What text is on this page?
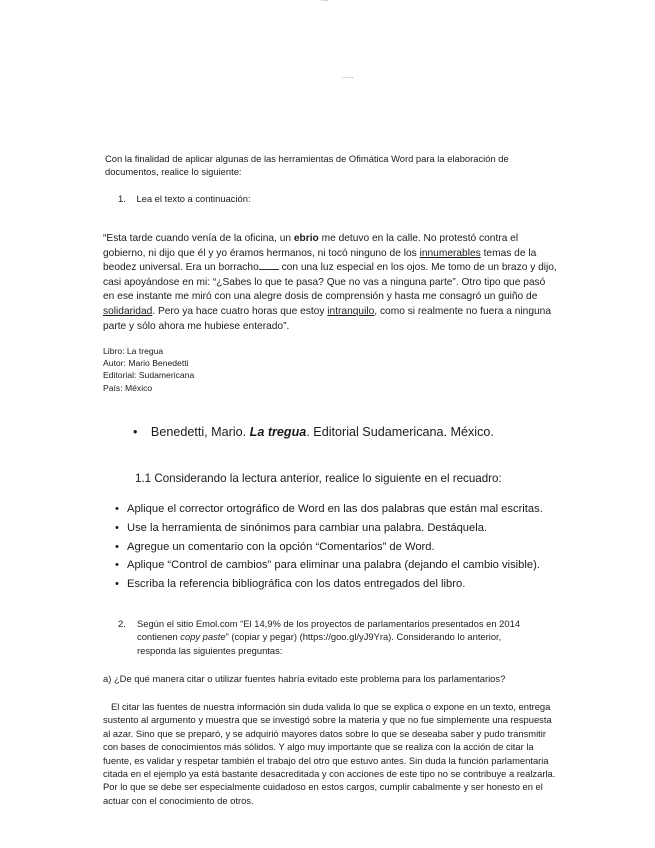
......

Con la finalidad de aplicar algunas de las herramientas de Ofimática Word para la elaboración de documentos, realice lo siguiente:

1. Lea el texto a continuación:

“Esta tarde cuando venía de la oficina, un ebrio me detuvo en la calle. No protestó contra el gobierno, ni dijo que él y yo éramos hermanos, ni tocó ninguno de los innumerables temas de la beodez universal. Era un borracho con una luz especial en los ojos. Me tomo de un brazo y dijo, casi apoyándose en mi: “¿Sabes lo que te pasa? Que no vas a ninguna parte”. Otro tipo que pasó en ese instante me miró con una alegre dosis de comprensión y hasta me consagró un guiño de solidaridad. Pero ya hace cuatro horas que estoy intranquilo, como si realmente no fuera a ninguna parte y sólo ahora me hubiese enterado”.

Libro: La tregua
Autor: Mario Benedetti
Editorial: Sudamericana
País: México
• Benedetti, Mario. La tregua. Editorial Sudamericana. México.
1.1 Considerando la lectura anterior, realice lo siguiente en el recuadro:
• Aplique el corrector ortográfico de Word en las dos palabras que están mal escritas.
• Use la herramienta de sinónimos para cambiar una palabra. Destáquela.
• Agregue un comentario con la opción “Comentarios” de Word.
• Aplique “Control de cambios” para eliminar una palabra (dejando el cambio visible).
• Escriba la referencia bibliográfica con los datos entregados del libro.
2. Según el sitio Emol.com “El 14,9% de los proyectos de parlamentarios presentados en 2014 contienen copy paste” (copiar y pegar) (https://goo.gl/yJ9Yra). Considerando lo anterior, responda las siguientes preguntas:

a) ¿De qué manera citar o utilizar fuentes habría evitado este problema para los parlamentarios?

El citar las fuentes de nuestra información sin duda valida lo que se explica o expone en un texto, entrega sustento al argumento y muestra que se investigó sobre la materia y que no fue simplemente una respuesta al azar. Sino que se preparó, y se adquirió mayores datos sobre lo que se deseaba saber y pudo transmitir con bases de conocimientos más sólidos. Y algo muy importante que se realiza con la acción de citar la fuente, es validar y respetar también el trabajo del otro que estuvo antes. Sin duda la función parlamentaria citada en el ejemplo ya está bastante desacreditada y con acciones de este tipo no se contribuye a realzarla. Por lo que se debe ser especialmente cuidadoso en estos cargos, cumplir cabalmente y ser honesto en el actuar con el conocimiento de otros.
